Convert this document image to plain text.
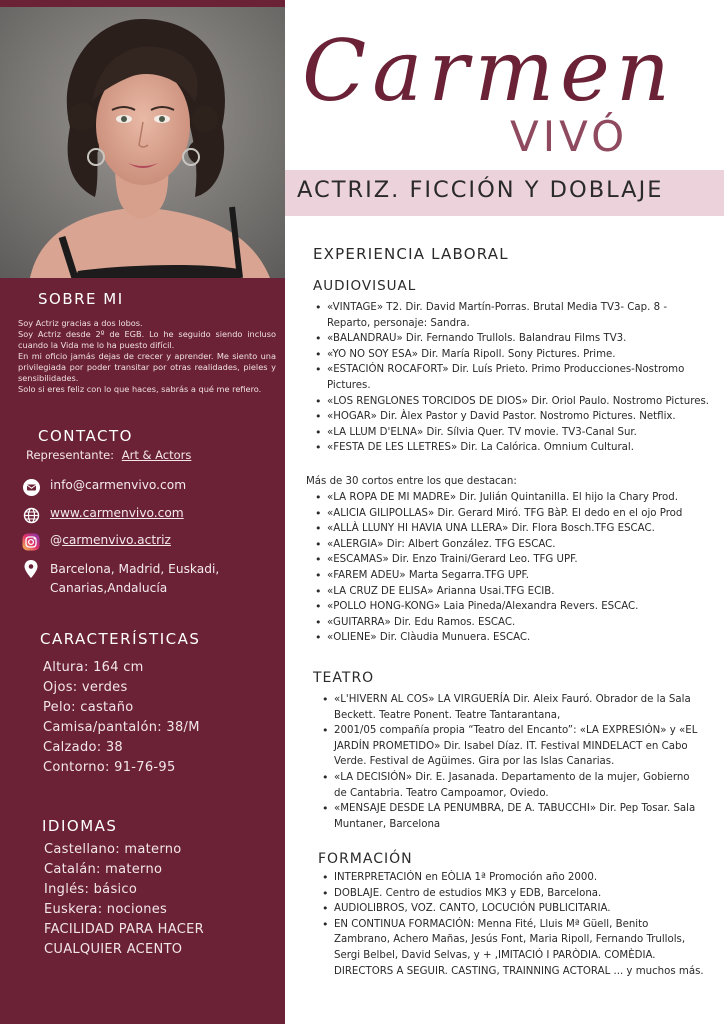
SOBRE MI

Soy Actriz gracias a dos lobos.

Soy Actriz desde 2º de EGB. Lo he seguido siendo incluso cuando la Vida me lo ha puesto difícil.

En mi oficio jamás dejas de crecer y aprender. Me siento una privilegiada por poder transitar por otras realidades, pieles y sensibilidades.

Solo si eres feliz con lo que haces, sabrás a qué me refiero.

CONTACTO
Representante: Art & Actors
info@carmenvivo.com
www.carmenvivo.com
@ carmenvivo.actriz
Barcelona, Madrid, Euskadi,
Canarias,Andalucía
CARACTERÍSTICAS
Altura: 164 cm
Ojos: verdes
Pelo: castaño
Camisa/pantalón: 38/M
Calzado: 38
Contorno: 91-76-95
IDIOMAS
Castellano: materno
Catalán: materno
Inglés: básico
Euskera: nociones
FACILIDAD PARA HACER
CUALQUIER ACENTO
Carmen
VIVÓ
ACTRIZ. FICCIÓN Y DOBLAJE
EXPERIENCIA LABORAL
AUDIOVISUAL
• «VINTAGE» T2. Dir. David Martín-Porras. Brutal Media TV3- Cap. 8 - Reparto, personaje: Sandra.
• «BALANDRAU» Dir. Fernando Trullols. Balandrau Films TV3.
• «YO NO SOY ESA» Dir. María Ripoll. Sony Pictures. Prime.
• «ESTACIÓN ROCAFORT» Dir. Luís Prieto. Primo Producciones-Nostromo Pictures.
• «LOS RENGLONES TORCIDOS DE DIOS» Dir. Oriol Paulo. Nostromo Pictures.
• «HOGAR» Dir. Àlex Pastor y David Pastor. Nostromo Pictures. Netflix.
• «LA LLUM D'ELNA» Dir. Sílvia Quer. TV movie. TV3-Canal Sur.
• «FESTA DE LES LLETRES» Dir. La Calórica. Omnium Cultural.
Más de 30 cortos entre los que destacan:
• «LA ROPA DE MI MADRE» Dir. Julián Quintanilla. El hijo la Chary Prod.
• «ALICIA GILIPOLLAS» Dir. Gerard Miró. TFG BàP. El dedo en el ojo Prod
• «ALLÀ LLUNY HI HAVIA UNA LLERA» Dir. Flora Bosch.TFG ESCAC.
• «ALERGIA» Dir: Albert González. TFG ESCAC.
• «ESCAMAS» Dir. Enzo Traini/Gerard Leo. TFG UPF.
• «FAREM ADEU» Marta Segarra.TFG UPF.
• «LA CRUZ DE ELISA» Arianna Usai.TFG ECIB.
• «POLLO HONG-KONG» Laia Pineda/Alexandra Revers. ESCAC.
• «GUITARRA» Dir. Edu Ramos. ESCAC.
• «OLIENE» Dir. Clàudia Munuera. ESCAC.
TEATRO
• «L'HIVERN AL COS» LA VIRGUERÍA Dir. Aleix Fauró. Obrador de la Sala Beckett. Teatre Ponent. Teatre Tantarantana,
• 2001/05 compañía propia “Teatro del Encanto”: «LA EXPRESIÓN» y «EL JARDÍN PROMETIDO» Dir. Isabel Díaz. IT. Festival MINDELACT en Cabo Verde. Festival de Agüimes. Gira por las Islas Canarias.
• «LA DECISIÓN» Dir. E. Jasanada. Departamento de la mujer, Gobierno de Cantabria. Teatro Campoamor, Oviedo.
• «MENSAJE DESDE LA PENUMBRA, DE A. TABUCCHI» Dir. Pep Tosar. Sala Muntaner, Barcelona
FORMACIÓN
• INTERPRETACIÓN en EÒLIA 1ª Promoción año 2000.
• DOBLAJE. Centro de estudios MK3 y EDB, Barcelona.
• AUDIOLIBROS, VOZ. CANTO, LOCUCIÓN PUBLICITARIA.
• EN CONTINUA FORMACIÓN: Menna Fité, Lluis Mª Güell, Benito Zambrano, Achero Mañas, Jesús Font, Maria Ripoll, Fernando Trullols, Sergi Belbel, David Selvas, y + ,IMITACIÓ I PARÒDIA. COMÈDIA. DIRECTORS A SEGUIR. CASTING, TRAINNING ACTORAL ... y muchos más.
